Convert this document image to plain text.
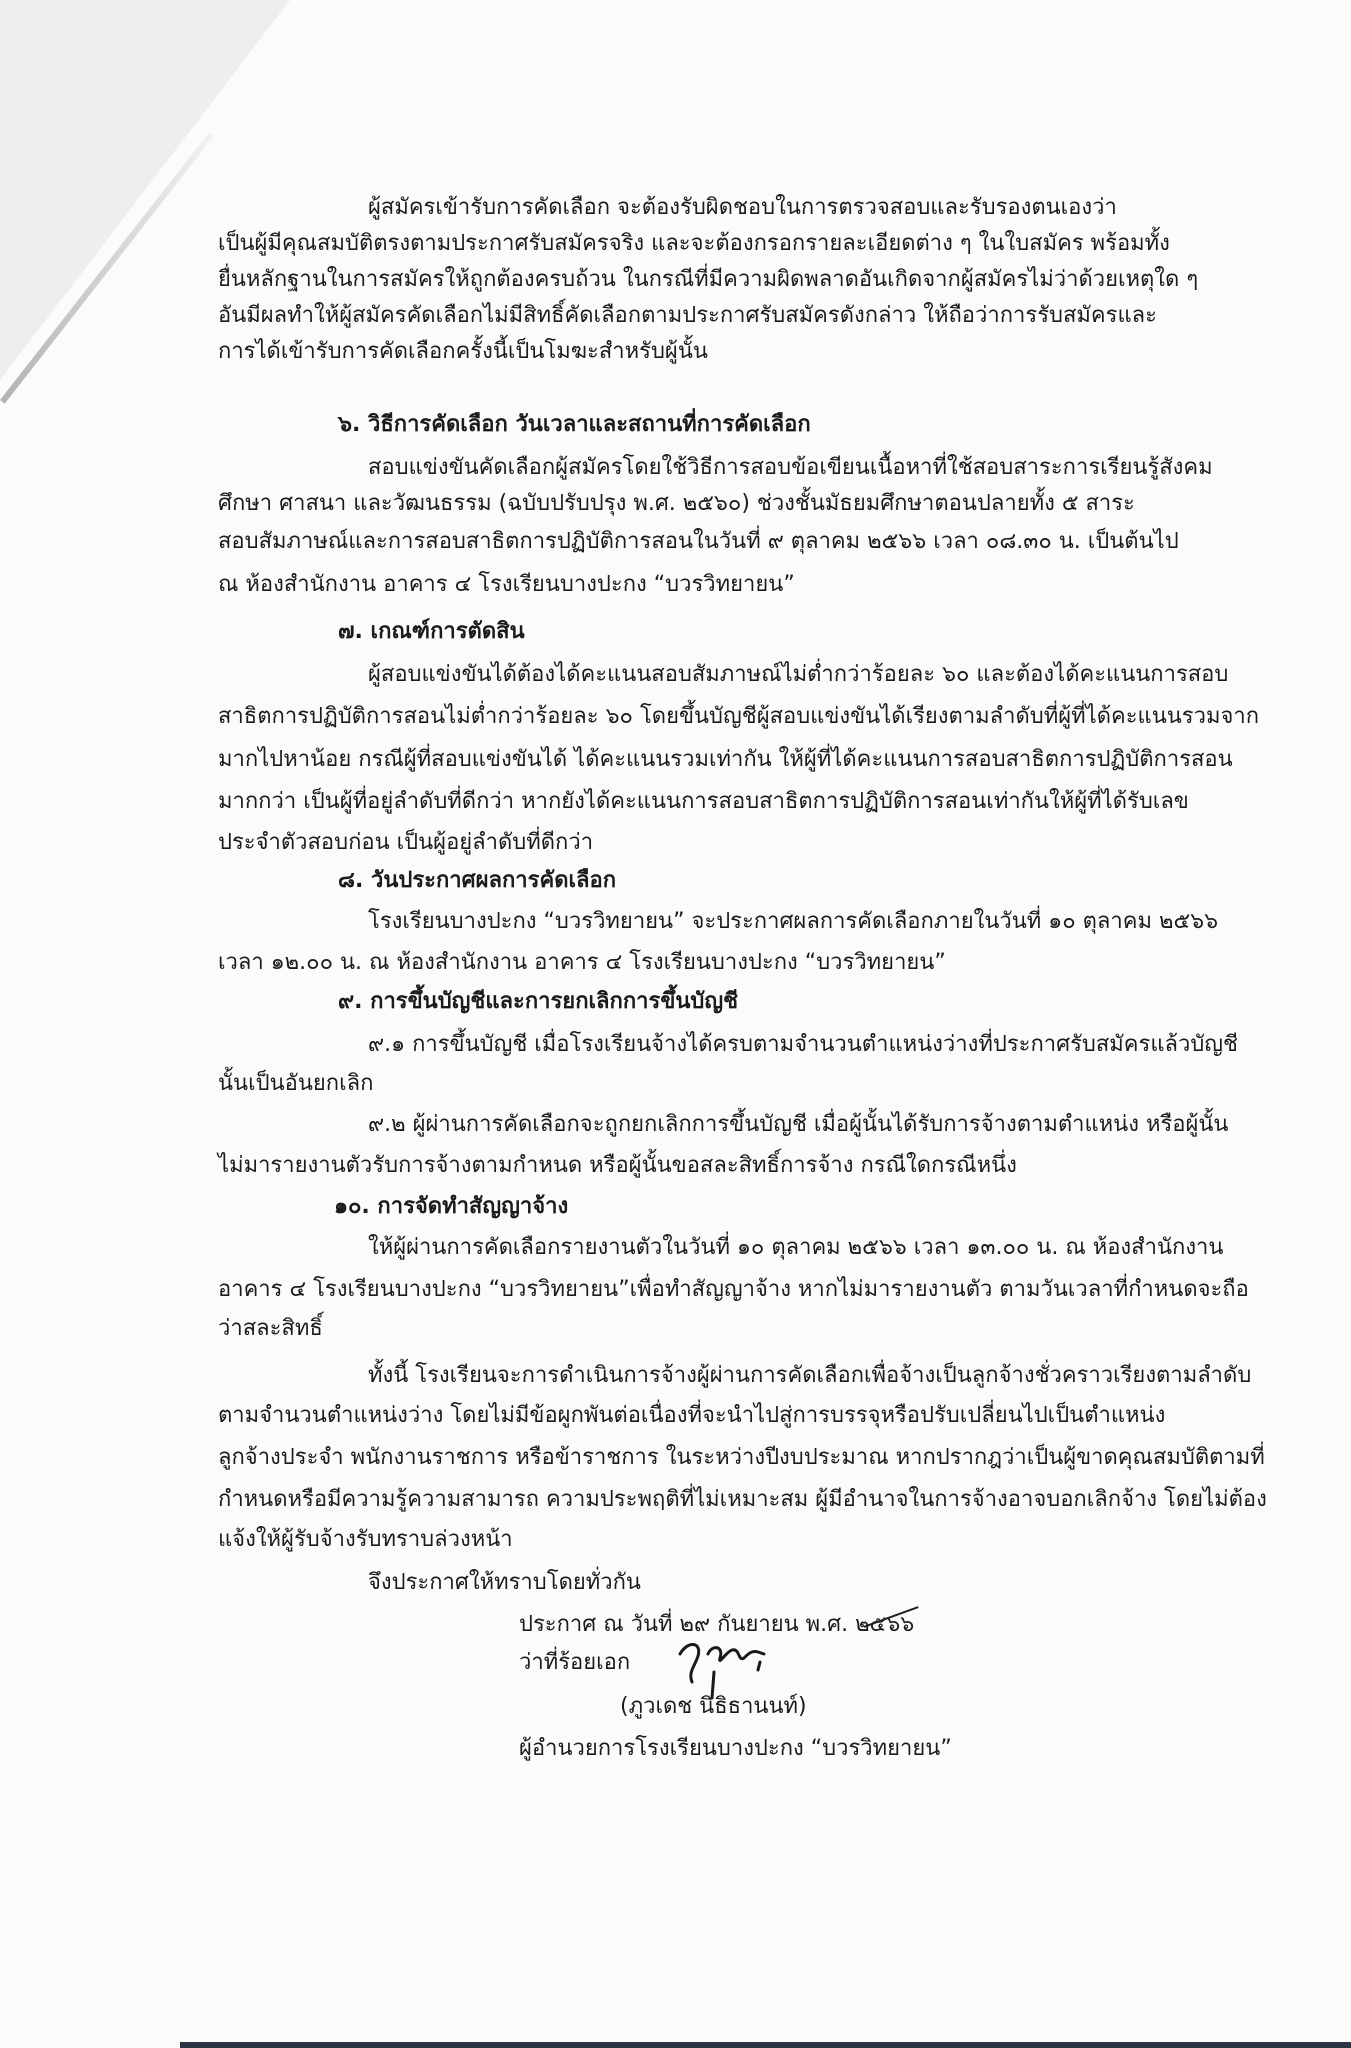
ผู้สมัครเข้ารับการคัดเลือก จะต้องรับผิดชอบในการตรวจสอบและรับรองตนเองว่า
เป็นผู้มีคุณสมบัติตรงตามประกาศรับสมัครจริง และจะต้องกรอกรายละเอียดต่าง ๆ ในใบสมัคร พร้อมทั้ง
ยื่นหลักฐานในการสมัครให้ถูกต้องครบถ้วน ในกรณีที่มีความผิดพลาดอันเกิดจากผู้สมัครไม่ว่าด้วยเหตุใด ๆ
อันมีผลทำให้ผู้สมัครคัดเลือกไม่มีสิทธิ์คัดเลือกตามประกาศรับสมัครดังกล่าว ให้ถือว่าการรับสมัครและ
การได้เข้ารับการคัดเลือกครั้งนี้เป็นโมฆะสำหรับผู้นั้น
๖. วิธีการคัดเลือก วันเวลาและสถานที่การคัดเลือก
สอบแข่งขันคัดเลือกผู้สมัครโดยใช้วิธีการสอบข้อเขียนเนื้อหาที่ใช้สอบสาระการเรียนรู้สังคม
ศึกษา ศาสนา และวัฒนธรรม (ฉบับปรับปรุง พ.ศ. ๒๕๖๐) ช่วงชั้นมัธยมศึกษาตอนปลายทั้ง ๕ สาระ
สอบสัมภาษณ์และการสอบสาธิตการปฏิบัติการสอนในวันที่ ๙ ตุลาคม ๒๕๖๖ เวลา ๐๘.๓๐ น. เป็นต้นไป
ณ ห้องสำนักงาน อาคาร ๔ โรงเรียนบางปะกง “บวรวิทยายน”
๗. เกณฑ์การตัดสิน
ผู้สอบแข่งขันได้ต้องได้คะแนนสอบสัมภาษณ์ไม่ต่ำกว่าร้อยละ ๖๐ และต้องได้คะแนนการสอบ
สาธิตการปฏิบัติการสอนไม่ต่ำกว่าร้อยละ ๖๐ โดยขึ้นบัญชีผู้สอบแข่งขันได้เรียงตามลำดับที่ผู้ที่ได้คะแนนรวมจาก
มากไปหาน้อย กรณีผู้ที่สอบแข่งขันได้ ได้คะแนนรวมเท่ากัน ให้ผู้ที่ได้คะแนนการสอบสาธิตการปฏิบัติการสอน
มากกว่า เป็นผู้ที่อยู่ลำดับที่ดีกว่า หากยังได้คะแนนการสอบสาธิตการปฏิบัติการสอนเท่ากันให้ผู้ที่ได้รับเลข
ประจำตัวสอบก่อน เป็นผู้อยู่ลำดับที่ดีกว่า
๘. วันประกาศผลการคัดเลือก
โรงเรียนบางปะกง “บวรวิทยายน” จะประกาศผลการคัดเลือกภายในวันที่ ๑๐ ตุลาคม ๒๕๖๖
เวลา ๑๒.๐๐ น. ณ ห้องสำนักงาน อาคาร ๔ โรงเรียนบางปะกง “บวรวิทยายน”
๙. การขึ้นบัญชีและการยกเลิกการขึ้นบัญชี
๙.๑ การขึ้นบัญชี เมื่อโรงเรียนจ้างได้ครบตามจำนวนตำแหน่งว่างที่ประกาศรับสมัครแล้วบัญชี
นั้นเป็นอันยกเลิก
๙.๒ ผู้ผ่านการคัดเลือกจะถูกยกเลิกการขึ้นบัญชี เมื่อผู้นั้นได้รับการจ้างตามตำแหน่ง หรือผู้นั้น
ไม่มารายงานตัวรับการจ้างตามกำหนด หรือผู้นั้นขอสละสิทธิ์การจ้าง กรณีใดกรณีหนึ่ง
๑๐. การจัดทำสัญญาจ้าง
ให้ผู้ผ่านการคัดเลือกรายงานตัวในวันที่ ๑๐ ตุลาคม ๒๕๖๖ เวลา ๑๓.๐๐ น. ณ ห้องสำนักงาน
อาคาร ๔ โรงเรียนบางปะกง “บวรวิทยายน”เพื่อทำสัญญาจ้าง หากไม่มารายงานตัว ตามวันเวลาที่กำหนดจะถือ
ว่าสละสิทธิ์
ทั้งนี้ โรงเรียนจะการดำเนินการจ้างผู้ผ่านการคัดเลือกเพื่อจ้างเป็นลูกจ้างชั่วคราวเรียงตามลำดับ
ตามจำนวนตำแหน่งว่าง โดยไม่มีข้อผูกพันต่อเนื่องที่จะนำไปสู่การบรรจุหรือปรับเปลี่ยนไปเป็นตำแหน่ง
ลูกจ้างประจำ พนักงานราชการ หรือข้าราชการ ในระหว่างปีงบประมาณ หากปรากฎว่าเป็นผู้ขาดคุณสมบัติตามที่
กำหนดหรือมีความรู้ความสามารถ ความประพฤติที่ไม่เหมาะสม ผู้มีอำนาจในการจ้างอาจบอกเลิกจ้าง โดยไม่ต้อง
แจ้งให้ผู้รับจ้างรับทราบล่วงหน้า
จึงประกาศให้ทราบโดยทั่วกัน
ประกาศ ณ วันที่ ๒๙ กันยายน พ.ศ. ๒๕๖๖
ว่าที่ร้อยเอก
(ภูวเดช นิธิธานนท์)
ผู้อำนวยการโรงเรียนบางปะกง “บวรวิทยายน”
